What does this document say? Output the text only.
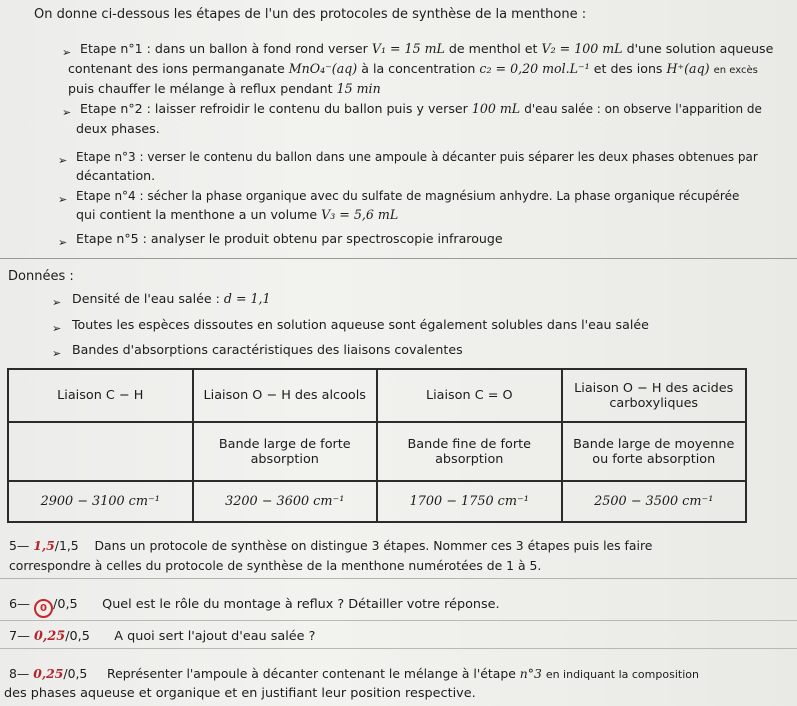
On donne ci-dessous les étapes de l'un des protocoles de synthèse de la menthone :
➢ Etape n°1 : dans un ballon à fond rond verser V₁ = 15 mL de menthol et V₂ = 100 mL d'une solution aqueuse
contenant des ions permanganate MnO₄⁻(aq) à la concentration c₂ = 0,20 mol.L⁻¹ et des ions H⁺(aq) en excès
puis chauffer le mélange à reflux pendant 15 min
➢ Etape n°2 : laisser refroidir le contenu du ballon puis y verser 100 mL d'eau salée : on observe l'apparition de
deux phases.
➢ Etape n°3 : verser le contenu du ballon dans une ampoule à décanter puis séparer les deux phases obtenues par
décantation.
➢ Etape n°4 : sécher la phase organique avec du sulfate de magnésium anhydre. La phase organique récupérée
qui contient la menthone a un volume V₃ = 5,6 mL
➢ Etape n°5 : analyser le produit obtenu par spectroscopie infrarouge
Données :
➢ Densité de l'eau salée : d = 1,1
➢ Toutes les espèces dissoutes en solution aqueuse sont également solubles dans l'eau salée
➢ Bandes d'absorptions caractéristiques des liaisons covalentes
Liaison C − H	Liaison O − H des alcools	Liaison C = O	Liaison O − H des acides carboxyliques
	Bande large de forte absorption	Bande fine de forte absorption	Bande large de moyenne ou forte absorption
2900 − 3100 cm⁻¹	3200 − 3600 cm⁻¹	1700 − 1750 cm⁻¹	2500 − 3500 cm⁻¹
5— 1,5/1,5 Dans un protocole de synthèse on distingue 3 étapes. Nommer ces 3 étapes puis les faire
correspondre à celles du protocole de synthèse de la menthone numérotées de 1 à 5.
6— 0 /0,5 Quel est le rôle du montage à reflux ? Détailler votre réponse.
7— 0,25/0,5 A quoi sert l'ajout d'eau salée ?
8— 0,25/0,5 Représenter l'ampoule à décanter contenant le mélange à l'étape n°3 en indiquant la composition
des phases aqueuse et organique et en justifiant leur position respective.
